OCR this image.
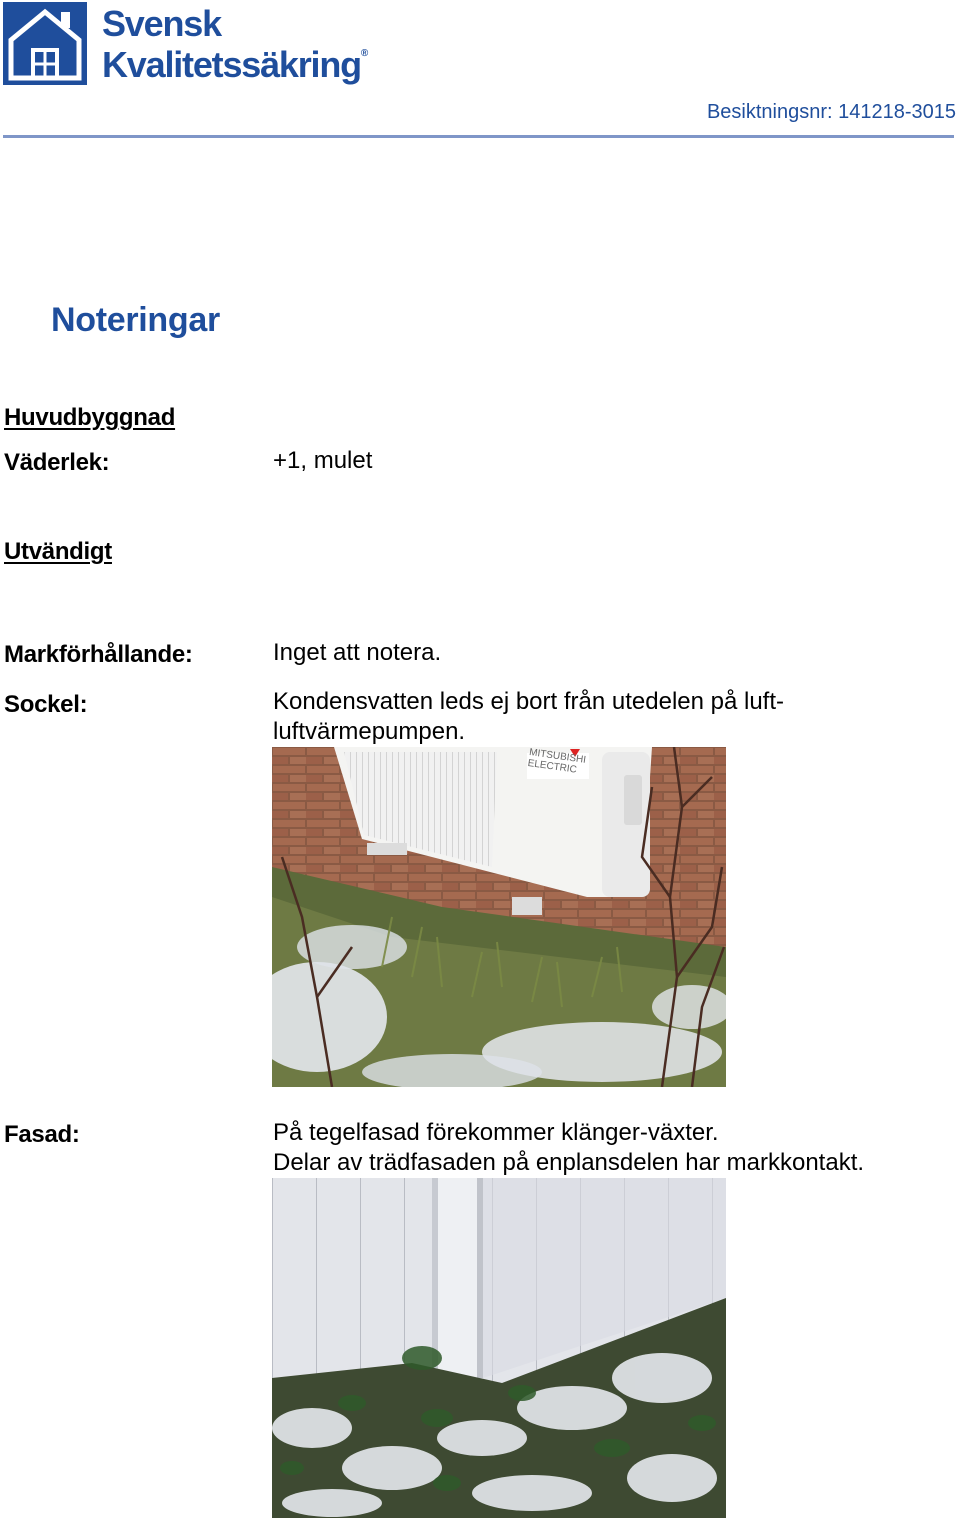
Svensk
Kvalitetssäkring®
Besiktningsnr: 141218-3015
Noteringar
Huvudbyggnad
Väderlek:	+1, mulet
Utvändigt
Markförhållande:	Inget att notera.
Sockel:	Kondensvatten leds ej bort från utedelen på luft-
luftvärmepumpen.
MITSUBISHI
ELECTRIC
Fasad:	På tegelfasad förekommer klänger-växter.
Delar av trädfasaden på enplansdelen har markkontakt.
